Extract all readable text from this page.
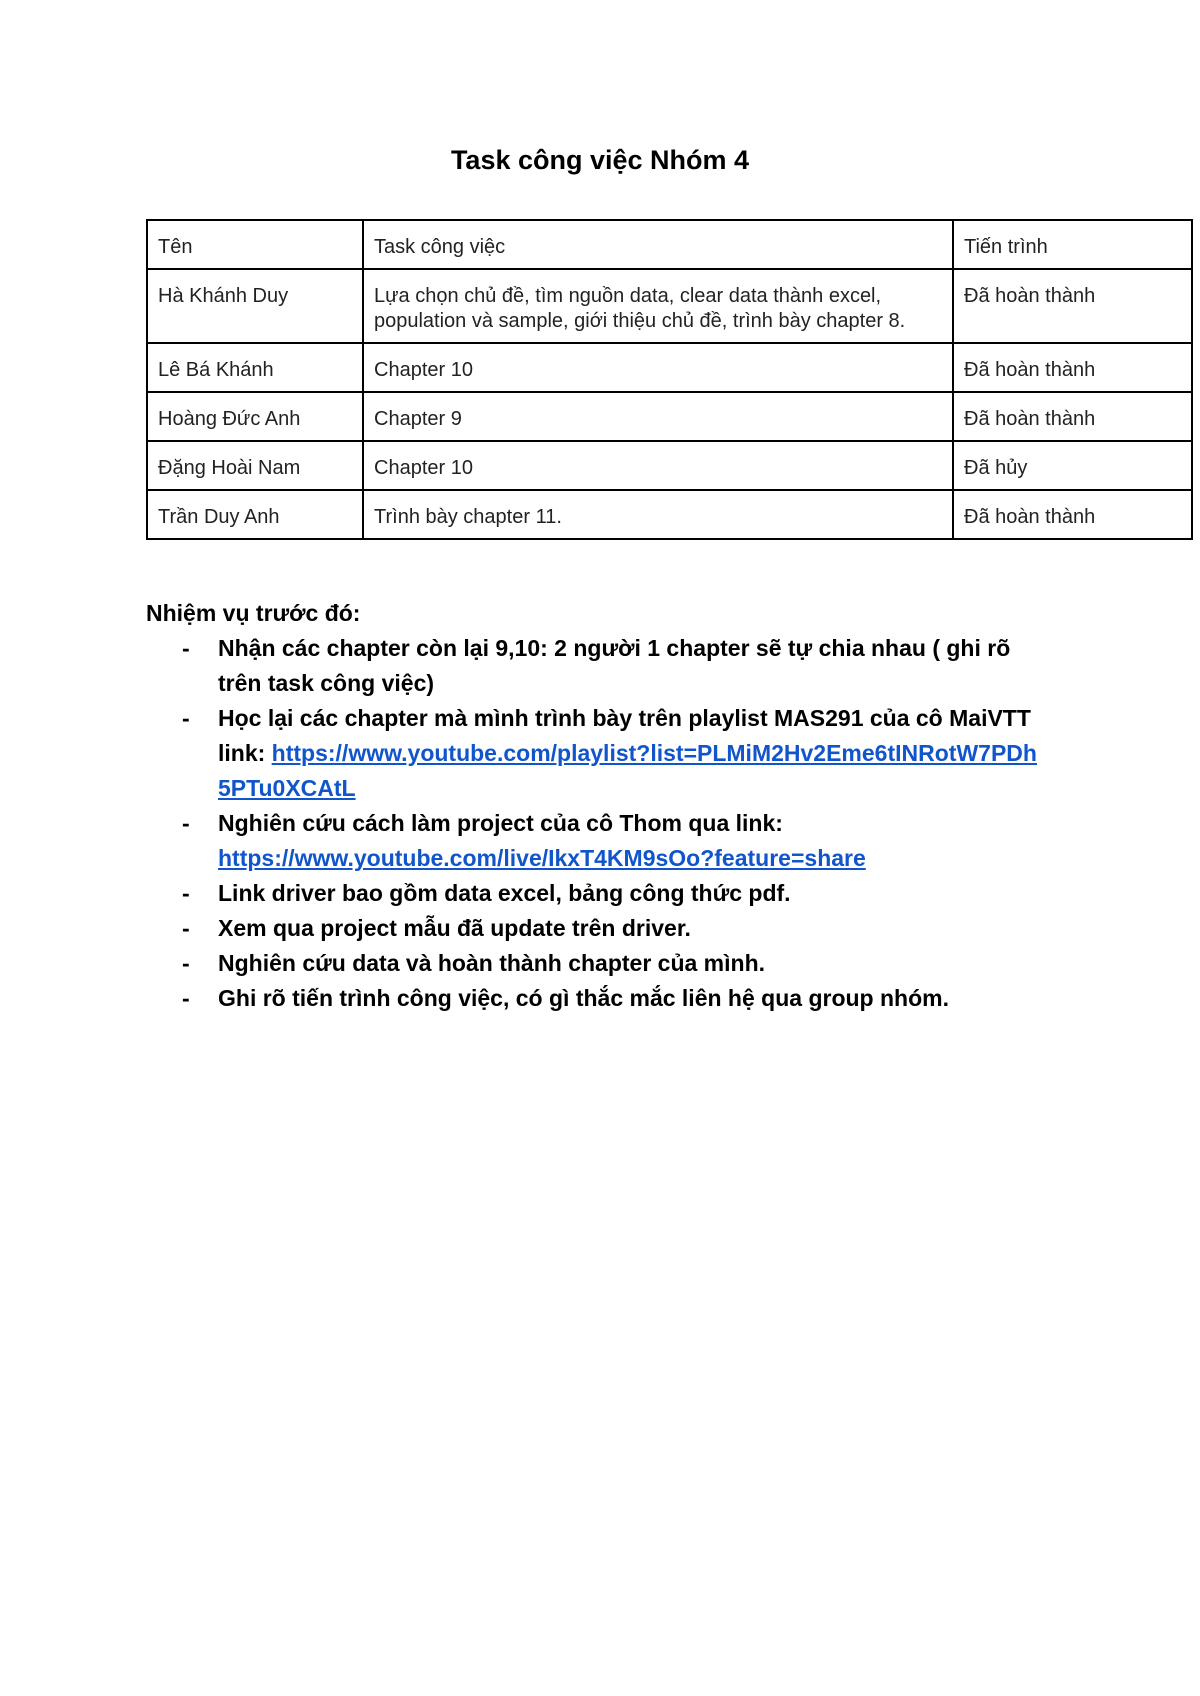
Task công việc Nhóm 4
Tên	Task công việc	Tiến trình
Hà Khánh Duy	Lựa chọn chủ đề, tìm nguồn data, clear data thành excel, population và sample, giới thiệu chủ đề, trình bày chapter 8.	Đã hoàn thành
Lê Bá Khánh	Chapter 10	Đã hoàn thành
Hoàng Đức Anh	Chapter 9	Đã hoàn thành
Đặng Hoài Nam	Chapter 10	Đã hủy
Trần Duy Anh	Trình bày chapter 11.	Đã hoàn thành

Nhiệm vụ trước đó:

- Nhận các chapter còn lại 9,10: 2 người 1 chapter sẽ tự chia nhau ( ghi rõ trên task công việc)
- Học lại các chapter mà mình trình bày trên playlist MAS291 của cô MaiVTT link: https://www.youtube.com/playlist?list=PLMiM2Hv2Eme6tINRotW7PDh5PTu0XCAtL
- Nghiên cứu cách làm project của cô Thom qua link:
https://www.youtube.com/live/IkxT4KM9sOo?feature=share
- Link driver bao gồm data excel, bảng công thức pdf.
- Xem qua project mẫu đã update trên driver.
- Nghiên cứu data và hoàn thành chapter của mình.
- Ghi rõ tiến trình công việc, có gì thắc mắc liên hệ qua group nhóm.
